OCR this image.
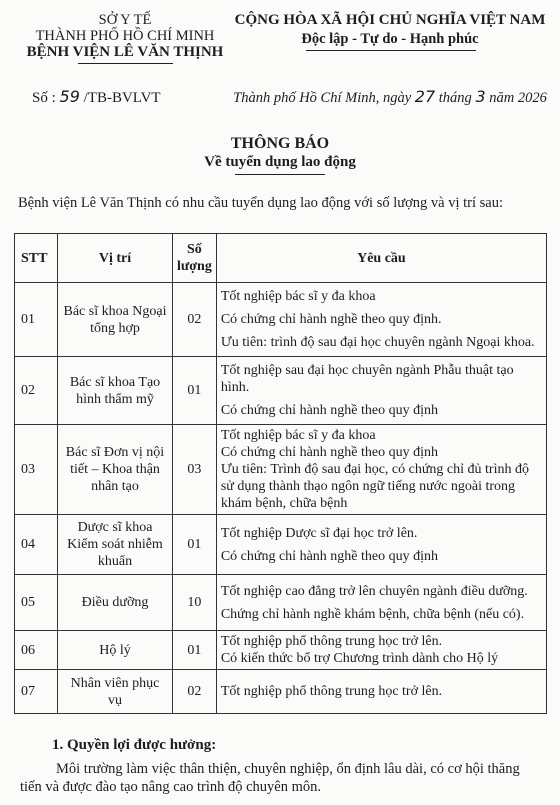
SỞ Y TẾ
THÀNH PHỐ HỒ CHÍ MINH
BỆNH VIỆN LÊ VĂN THỊNH
CỘNG HÒA XÃ HỘI CHỦ NGHĨA VIỆT NAM
Độc lập - Tự do - Hạnh phúc
Số : 59 /TB-BVLVT	Thành phố Hồ Chí Minh, ngày 27 tháng 3 năm 2026
THÔNG BÁO
Về tuyển dụng lao động
Bệnh viện Lê Văn Thịnh có nhu cầu tuyển dụng lao động với số lượng và vị trí sau:
STT	Vị trí	Số lượng	Yêu cầu
01	Bác sĩ khoa Ngoại tổng hợp	02	Tốt nghiệp bác sĩ y đa khoa

Có chứng chỉ hành nghề theo quy định.

Ưu tiên: trình độ sau đại học chuyên ngành Ngoại khoa.

02	Bác sĩ khoa Tạo hình thẩm mỹ	01	Tốt nghiệp sau đại học chuyên ngành Phẫu thuật tạo hình.

Có chứng chỉ hành nghề theo quy định

03	Bác sĩ Đơn vị nội tiết – Khoa thận nhân tạo	03	Tốt nghiệp bác sĩ y đa khoa

Có chứng chỉ hành nghề theo quy định

Ưu tiên: Trình độ sau đại học, có chứng chỉ đủ trình độ sử dụng thành thạo ngôn ngữ tiếng nước ngoài trong khám bệnh, chữa bệnh

04	Dược sĩ khoa Kiểm soát nhiễm khuẩn	01	Tốt nghiệp Dược sĩ đại học trở lên.

Có chứng chỉ hành nghề theo quy định

05	Điều dưỡng	10	Tốt nghiệp cao đẳng trở lên chuyên ngành điều dưỡng.

Chứng chỉ hành nghề khám bệnh, chữa bệnh (nếu có).

06	Hộ lý	01	Tốt nghiệp phổ thông trung học trở lên.

Có kiến thức bổ trợ Chương trình dành cho Hộ lý

07	Nhân viên phục vụ	02	Tốt nghiệp phổ thông trung học trở lên.

1. Quyền lợi được hưởng:
Môi trường làm việc thân thiện, chuyên nghiệp, ổn định lâu dài, có cơ hội thăng tiến và được đào tạo nâng cao trình độ chuyên môn.
